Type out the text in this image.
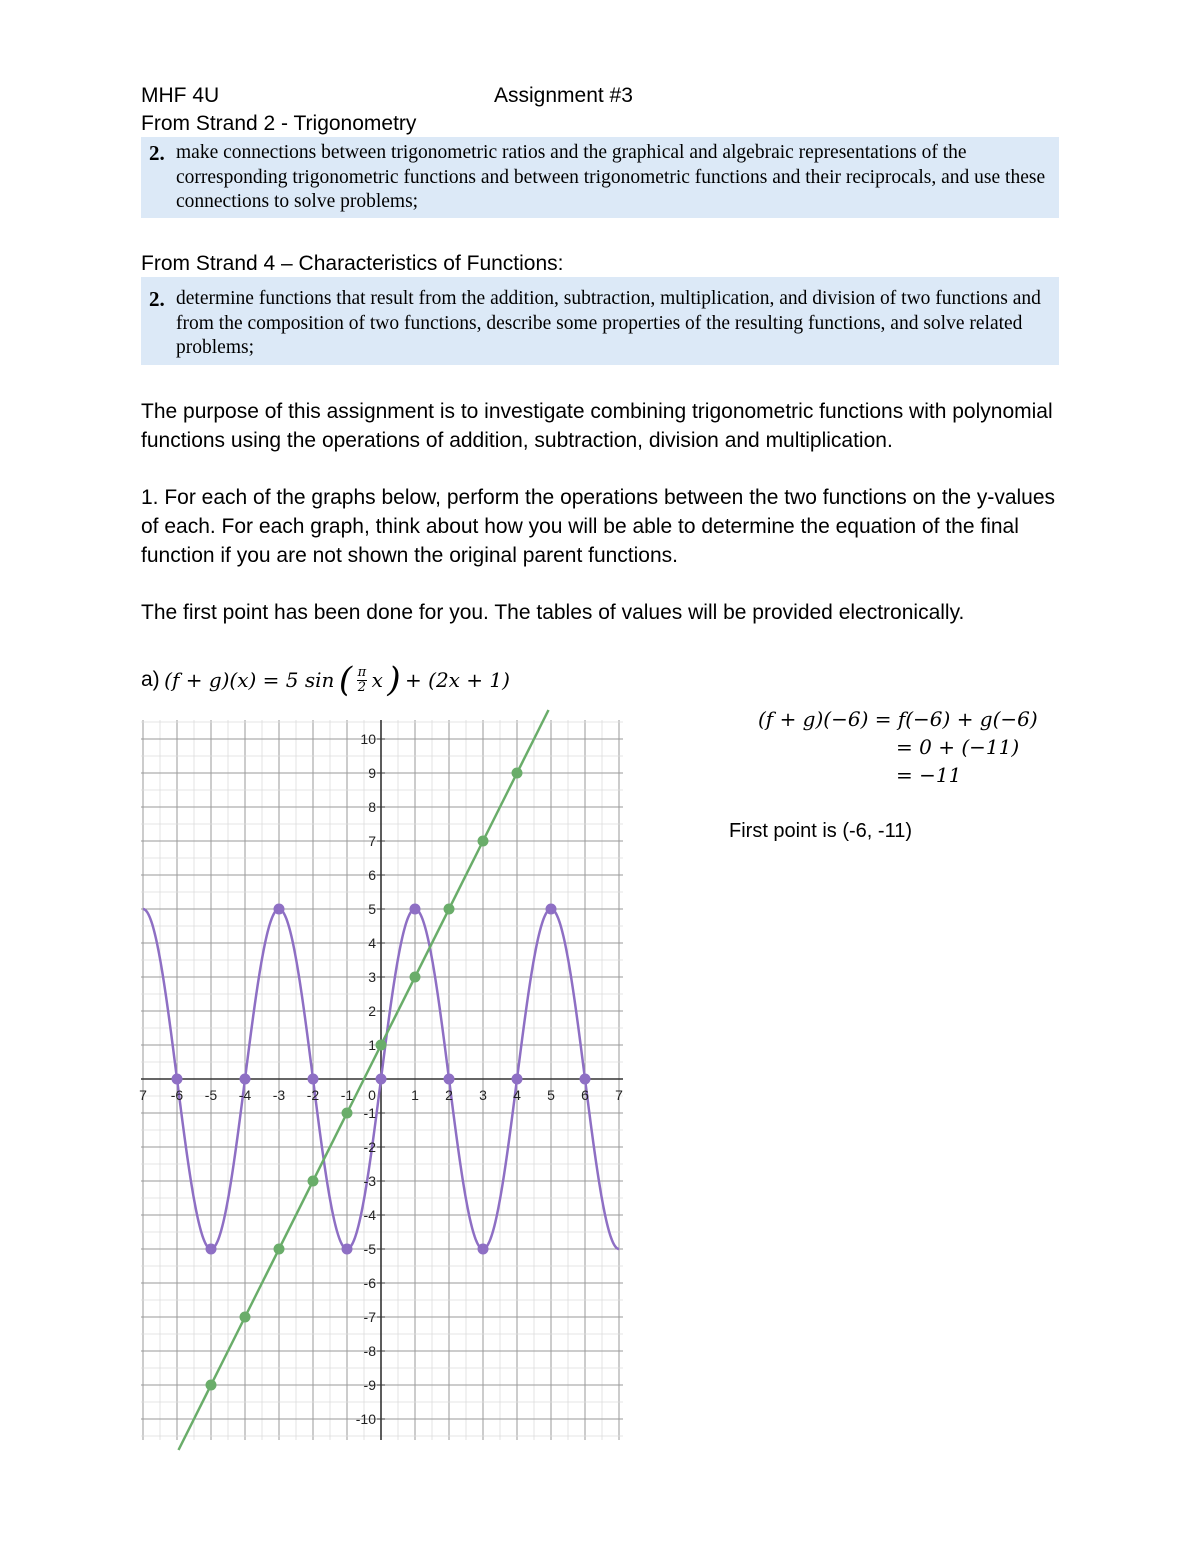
MHF 4U	Assignment #3
From Strand 2 - Trigonometry
2. make connections between trigonometric ratios and the graphical and algebraic representations of the corresponding trigonometric functions and between trigonometric functions and their reciprocals, and use these connections to solve problems;
From Strand 4 – Characteristics of Functions:
2. determine functions that result from the addition, subtraction, multiplication, and division of two functions and from the composition of two functions, describe some properties of the resulting functions, and solve related problems;
The purpose of this assignment is to investigate combining trigonometric functions with polynomial functions using the operations of addition, subtraction, division and multiplication.
1. For each of the graphs below, perform the operations between the two functions on the y-values of each. For each graph, think about how you will be able to determine the equation of the final function if you are not shown the original parent functions.
The first point has been done for you. The tables of values will be provided electronically.
a) (f + g)(x) = 5 sin ( $\frac{\pi}{2}$ x ) + (2x + 1)
(f + g)(−6) = f(−6) + g(−6)
= 0 + (−11)
= −11
First point is (-6, -11)
7 -6 -5 -4 -3 -2 -1 0	1 2 3 4 5 6 7
10
9
8
7
6
5
4
3
2
1
-1
-2
-3
-4
-5
-6
-7
-8
-9
-10
